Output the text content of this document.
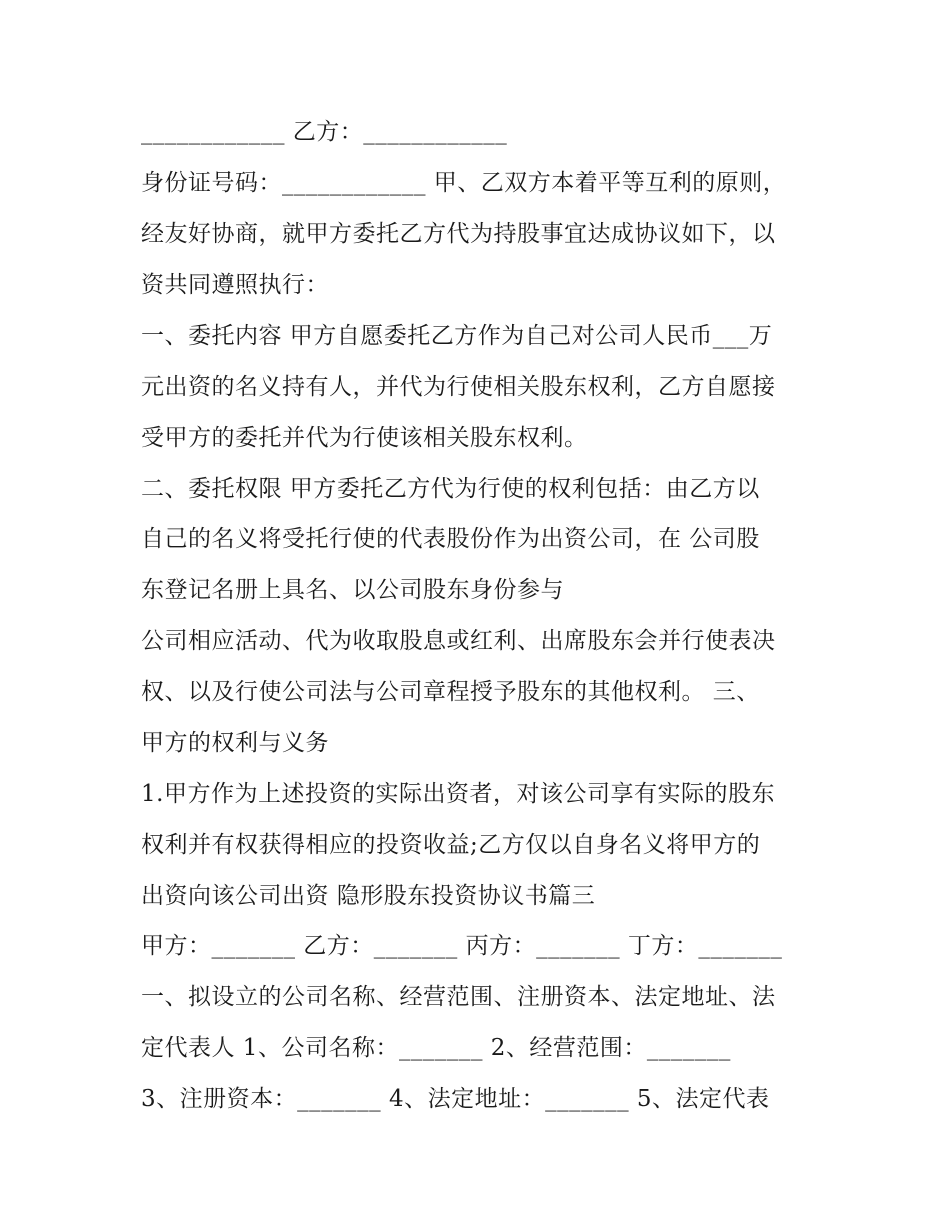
____________ 乙方：____________
身份证号码：____________ 甲、乙双方本着平等互利的原则，
经友好协商，就甲方委托乙方代为持股事宜达成协议如下，以
资共同遵照执行：
一、委托内容 甲方自愿委托乙方作为自己对公司人民币___万
元出资的名义持有人，并代为行使相关股东权利，乙方自愿接
受甲方的委托并代为行使该相关股东权利。
二、委托权限 甲方委托乙方代为行使的权利包括：由乙方以
自己的名义将受托行使的代表股份作为出资公司，在 公司股
东登记名册上具名、以公司股东身份参与
公司相应活动、代为收取股息或红利、出席股东会并行使表决
权、以及行使公司法与公司章程授予股东的其他权利。 三、
甲方的权利与义务
1.甲方作为上述投资的实际出资者，对该公司享有实际的股东
权利并有权获得相应的投资收益;乙方仅以自身名义将甲方的
出资向该公司出资 隐形股东投资协议书篇三
甲方：_______ 乙方：_______ 丙方：_______ 丁方：_______
一、拟设立的公司名称、经营范围、注册资本、法定地址、法
定代表人 1、公司名称：_______ 2、经营范围：_______
3、注册资本：_______ 4、法定地址：_______ 5、法定代表
